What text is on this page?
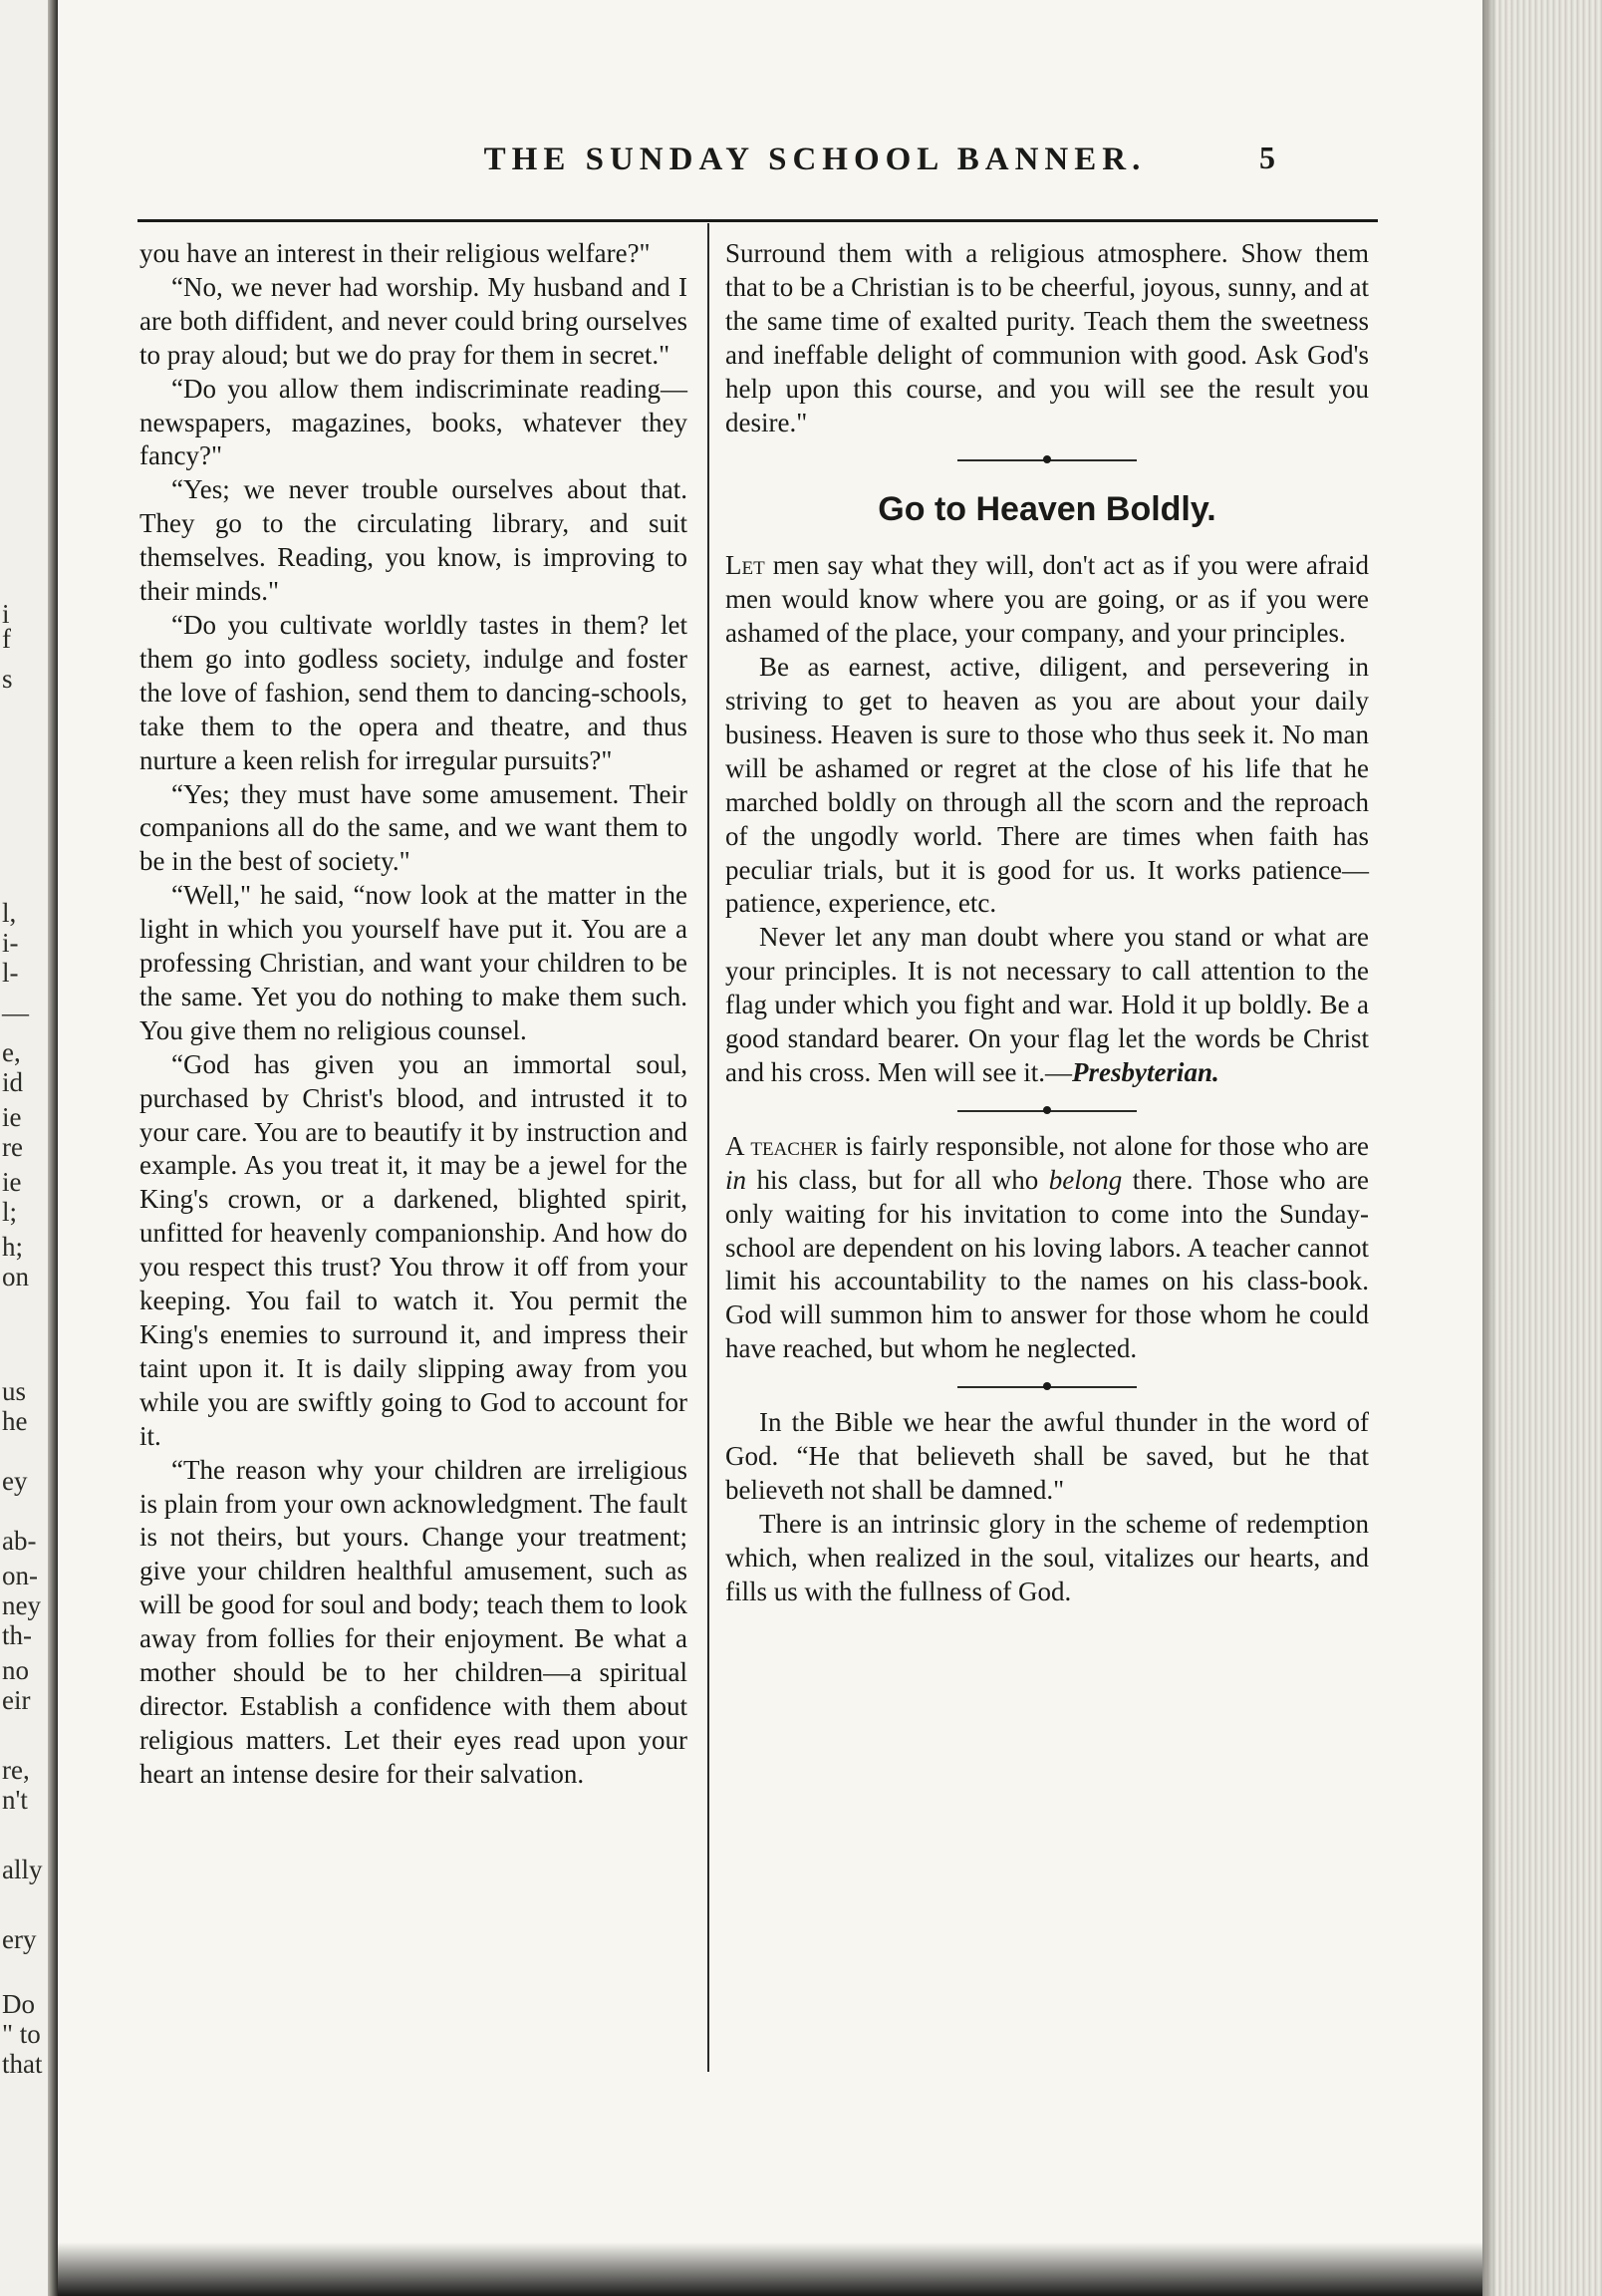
i
f
s
l,
i-
l-
—
e,
id
ie
re
ie
l;
h;
on
us
he
ey
ab-
on-
ney
th-
no
eir
re,
n't
ally
ery
Do
" to
that
THE SUNDAY SCHOOL BANNER.	5

you have an interest in their religious welfare?"

“No, we never had worship. My husband and I are both diffident, and never could bring ourselves to pray aloud; but we do pray for them in secret."

“Do you allow them indiscriminate reading—newspapers, magazines, books, whatever they fancy?"

“Yes; we never trouble ourselves about that. They go to the circulating library, and suit themselves. Reading, you know, is improving to their minds."

“Do you cultivate worldly tastes in them? let them go into godless society, indulge and foster the love of fashion, send them to dancing-schools, take them to the opera and theatre, and thus nurture a keen relish for irregular pursuits?"

“Yes; they must have some amusement. Their companions all do the same, and we want them to be in the best of society."

“Well," he said, “now look at the matter in the light in which you yourself have put it. You are a professing Christian, and want your children to be the same. Yet you do nothing to make them such. You give them no religious counsel.

“God has given you an immortal soul, purchased by Christ's blood, and intrusted it to your care. You are to beautify it by instruction and example. As you treat it, it may be a jewel for the King's crown, or a darkened, blighted spirit, unfitted for heavenly companionship. And how do you respect this trust? You throw it off from your keeping. You fail to watch it. You permit the King's enemies to surround it, and impress their taint upon it. It is daily slipping away from you while you are swiftly going to God to account for it.

“The reason why your children are irreligious is plain from your own acknowledgment. The fault is not theirs, but yours. Change your treatment; give your children healthful amusement, such as will be good for soul and body; teach them to look away from follies for their enjoyment. Be what a mother should be to her children—a spiritual director. Establish a confidence with them about religious matters. Let their eyes read upon your heart an intense desire for their salvation.

Surround them with a religious atmosphere. Show them that to be a Christian is to be cheerful, joyous, sunny, and at the same time of exalted purity. Teach them the sweetness and ineffable delight of communion with good. Ask God's help upon this course, and you will see the result you desire."

Go to Heaven Boldly.

Let men say what they will, don't act as if you were afraid men would know where you are going, or as if you were ashamed of the place, your company, and your principles.

Be as earnest, active, diligent, and persevering in striving to get to heaven as you are about your daily business. Heaven is sure to those who thus seek it. No man will be ashamed or regret at the close of his life that he marched boldly on through all the scorn and the reproach of the ungodly world. There are times when faith has peculiar trials, but it is good for us. It works patience—patience, experience, etc.

Never let any man doubt where you stand or what are your principles. It is not necessary to call attention to the flag under which you fight and war. Hold it up boldly. Be a good standard bearer. On your flag let the words be Christ and his cross. Men will see it.—Presbyterian.

A teacher is fairly responsible, not alone for those who are in his class, but for all who belong there. Those who are only waiting for his invitation to come into the Sunday-school are dependent on his loving labors. A teacher cannot limit his accountability to the names on his class-book. God will summon him to answer for those whom he could have reached, but whom he neglected.

In the Bible we hear the awful thunder in the word of God. “He that believeth shall be saved, but he that believeth not shall be damned."

There is an intrinsic glory in the scheme of redemption which, when realized in the soul, vitalizes our hearts, and fills us with the fullness of God.
